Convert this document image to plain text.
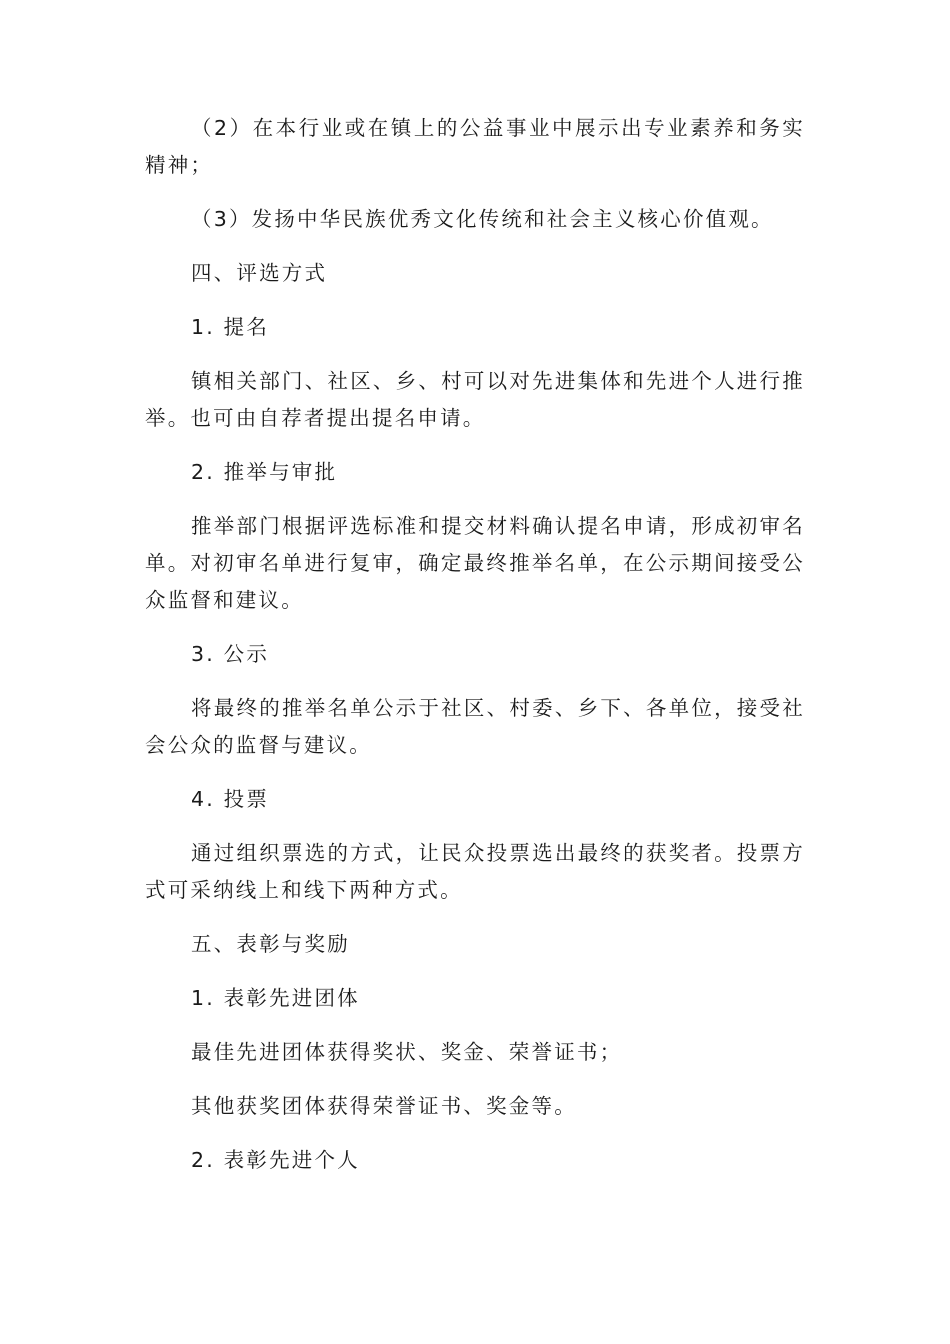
（2）在本行业或在镇上的公益事业中展示出专业素养和务实精神；

（3）发扬中华民族优秀文化传统和社会主义核心价值观。

四、评选方式

1. 提名

镇相关部门、社区、乡、村可以对先进集体和先进个人进行推举。也可由自荐者提出提名申请。

2. 推举与审批

推举部门根据评选标准和提交材料确认提名申请，形成初审名单。对初审名单进行复审，确定最终推举名单，在公示期间接受公众监督和建议。

3. 公示

将最终的推举名单公示于社区、村委、乡下、各单位，接受社会公众的监督与建议。

4. 投票

通过组织票选的方式，让民众投票选出最终的获奖者。投票方式可采纳线上和线下两种方式。

五、表彰与奖励

1. 表彰先进团体

最佳先进团体获得奖状、奖金、荣誉证书；

其他获奖团体获得荣誉证书、奖金等。

2. 表彰先进个人
